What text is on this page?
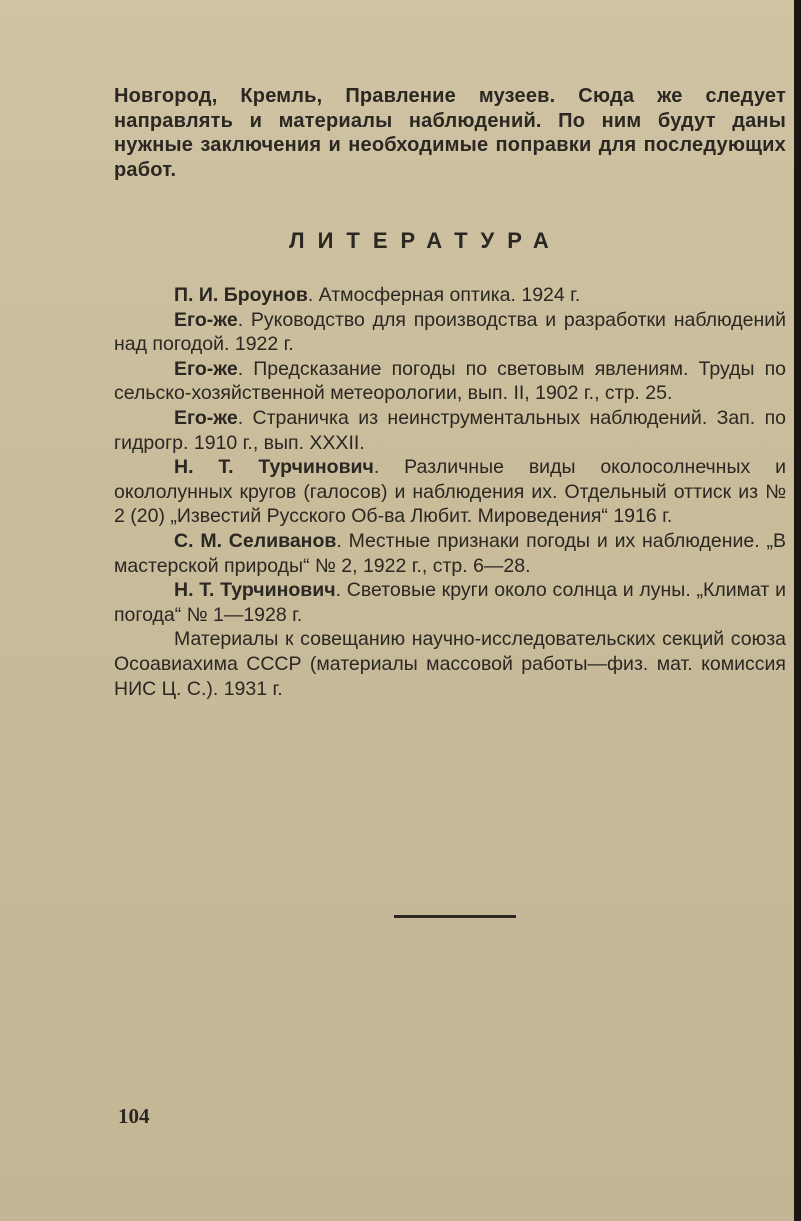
Новгород, Кремль, Правление музеев. Сюда же следует направлять и материалы наблюдений. По ним будут даны нужные заключения и необходимые поправки для последующих работ.
ЛИТЕРАТУРА

П. И. Броунов. Атмосферная оптика. 1924 г.

Его-же. Руководство для производства и разработки наблюдений над погодой. 1922 г.

Его-же. Предсказание погоды по световым явлениям. Труды по сельско-хозяйственной метеорологии, вып. II, 1902 г., стр. 25.

Его-же. Страничка из неинструментальных наблюдений. Зап. по гидрогр. 1910 г., вып. XXXII.

Н. Т. Турчинович. Различные виды околосолнечных и окололунных кругов (галосов) и наблюдения их. Отдельный оттиск из № 2 (20) „Известий Русского Об-ва Любит. Мироведения“ 1916 г.

С. М. Селиванов. Местные признаки погоды и их наблюдение. „В мастерской природы“ № 2, 1922 г., стр. 6—28.

Н. Т. Турчинович. Световые круги около солнца и луны. „Климат и погода“ № 1—1928 г.

Материалы к совещанию научно-исследовательских секций союза Осоавиахима СССР (материалы массовой работы—физ. мат. комиссия НИС Ц. С.). 1931 г.

104
